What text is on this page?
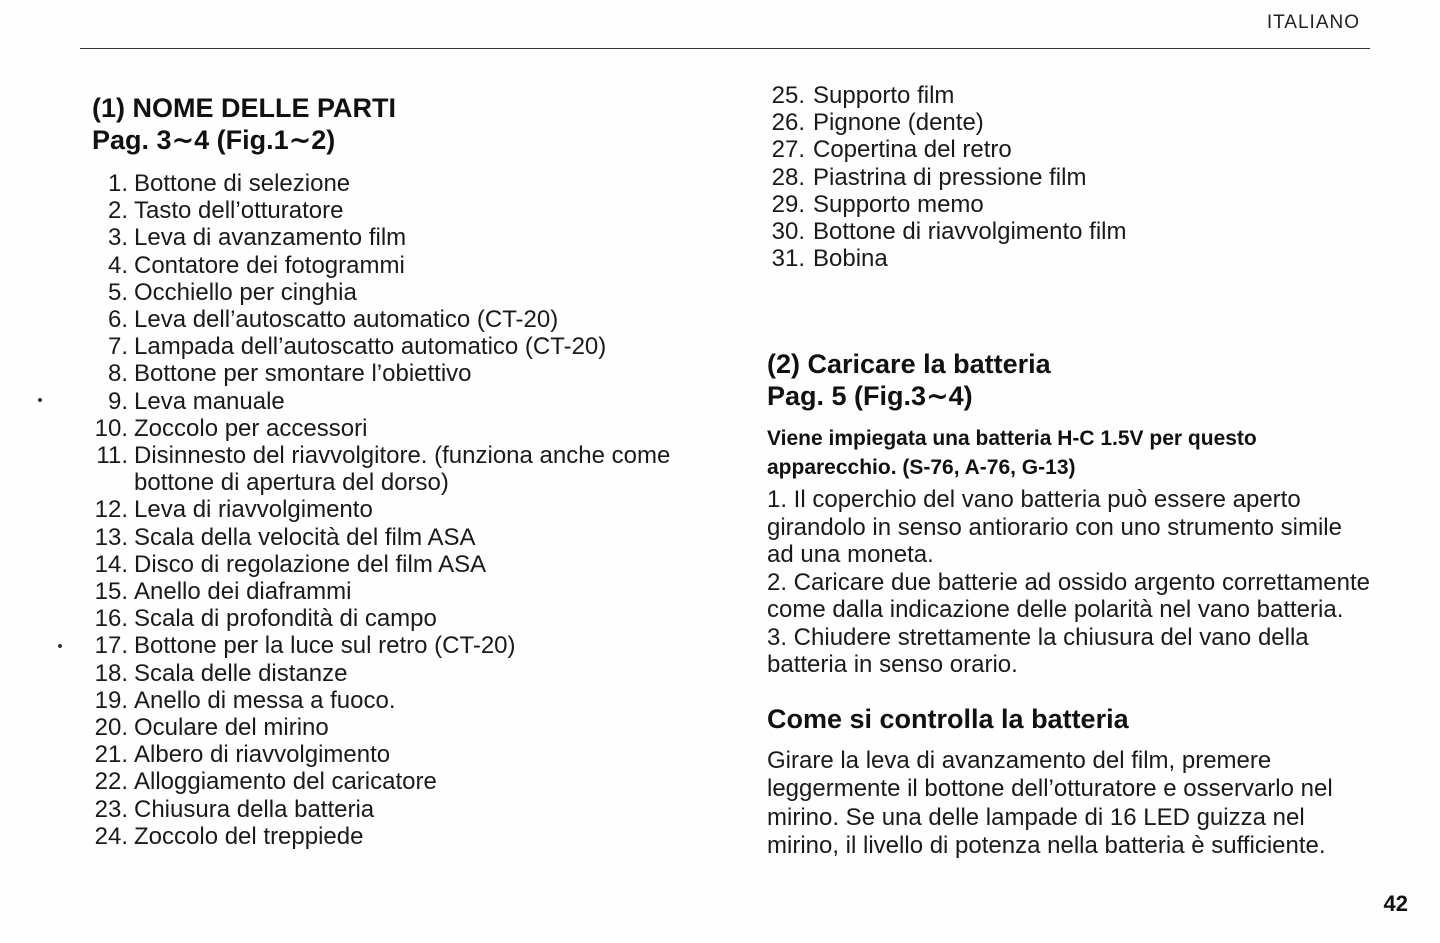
ITALIANO
(1) NOME DELLE PARTI
Pag. 3∼4 (Fig.1∼2)
1. Bottone di selezione
2. Tasto dell’otturatore
3. Leva di avanzamento film
4. Contatore dei fotogrammi
5. Occhiello per cinghia
6. Leva dell’autoscatto automatico (CT-20)
7. Lampada dell’autoscatto automatico (CT-20)
8. Bottone per smontare l’obiettivo
9. Leva manuale
10. Zoccolo per accessori
11. Disinnesto del riavvolgitore. (funziona anche come bottone di apertura del dorso)
12. Leva di riavvolgimento
13. Scala della velocità del film ASA
14. Disco di regolazione del film ASA
15. Anello dei diaframmi
16. Scala di profondità di campo
17. Bottone per la luce sul retro (CT-20)
18. Scala delle distanze
19. Anello di messa a fuoco.
20. Oculare del mirino
21. Albero di riavvolgimento
22. Alloggiamento del caricatore
23. Chiusura della batteria
24. Zoccolo del treppiede
25. Supporto film
26. Pignone (dente)
27. Copertina del retro
28. Piastrina di pressione film
29. Supporto memo
30. Bottone di riavvolgimento film
31. Bobina
(2) Caricare la batteria
Pag. 5 (Fig.3∼4)

Viene impiegata una batteria H-C 1.5V per questo apparecchio. (S-76, A-76, G-13)

1. Il coperchio del vano batteria può essere aperto girandolo in senso antiorario con uno strumento simile ad una moneta.

2. Caricare due batterie ad ossido argento correttamente come dalla indicazione delle polarità nel vano batteria.

3. Chiudere strettamente la chiusura del vano della batteria in senso orario.

Come si controlla la batteria

Girare la leva di avanzamento del film, premere leggermente il bottone dell’otturatore e osservarlo nel mirino. Se una delle lampade di 16 LED guizza nel mirino, il livello di potenza nella batteria è sufficiente.

42
